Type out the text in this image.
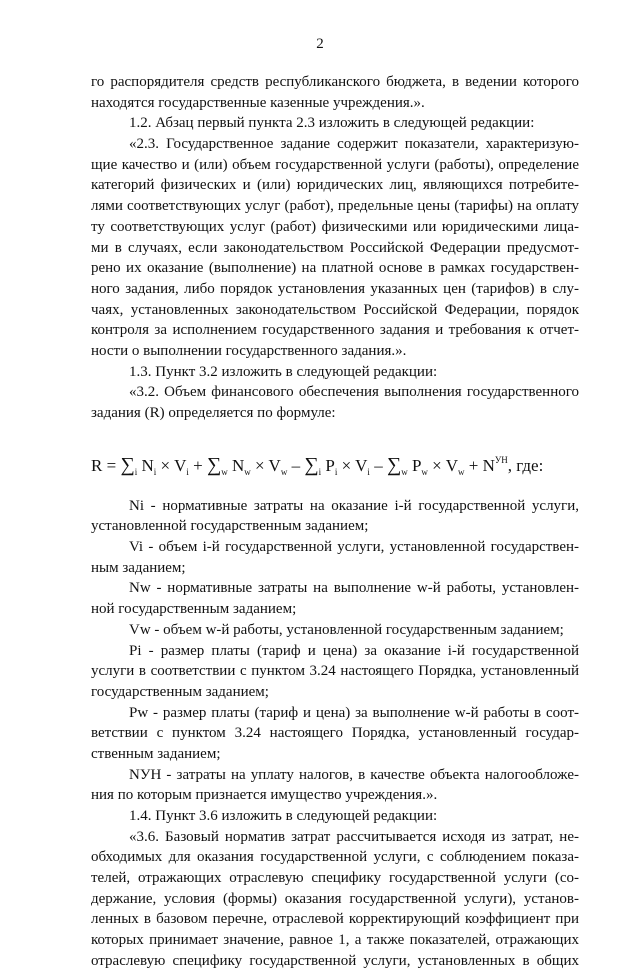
2
го распорядителя средств республиканского бюджета, в ведении которого
находятся государственные казенные учреждения.».
1.2. Абзац первый пункта 2.3 изложить в следующей редакции:
«2.3. Государственное задание содержит показатели, характеризую-
щие качество и (или) объем государственной услуги (работы), определение
категорий физических и (или) юридических лиц, являющихся потребите-
лями соответствующих услуг (работ), предельные цены (тарифы) на оплату
ту соответствующих услуг (работ) физическими или юридическими лица-
ми в случаях, если законодательством Российской Федерации предусмот-
рено их оказание (выполнение) на платной основе в рамках государствен-
ного задания, либо порядок установления указанных цен (тарифов) в слу-
чаях, установленных законодательством Российской Федерации, порядок
контроля за исполнением государственного задания и требования к отчет-
ности о выполнении государственного задания.».
1.3. Пункт 3.2 изложить в следующей редакции:
«3.2. Объем финансового обеспечения выполнения государственного
задания (R) определяется по формуле:
$R = \sum_i$ $N_i \times V_i + \sum_w$ $N_w \times V_w - \sum_i$ $P_i \times V_i - \sum_w$ $P_w \times V_w + N^{УН}$, где:
Ni - нормативные затраты на оказание i-й государственной услуги,
установленной государственным заданием;
Vi - объем i-й государственной услуги, установленной государствен-
ным заданием;
Nw - нормативные затраты на выполнение w-й работы, установлен-
ной государственным заданием;
Vw - объем w-й работы, установленной государственным заданием;
Pi - размер платы (тариф и цена) за оказание i-й государственной
услуги в соответствии с пунктом 3.24 настоящего Порядка, установленный
государственным заданием;
Pw - размер платы (тариф и цена) за выполнение w-й работы в соот-
ветствии с пунктом 3.24 настоящего Порядка, установленный государ-
ственным заданием;
NУН - затраты на уплату налогов, в качестве объекта налогообложе-
ния по которым признается имущество учреждения.».
1.4. Пункт 3.6 изложить в следующей редакции:
«3.6. Базовый норматив затрат рассчитывается исходя из затрат, не-
обходимых для оказания государственной услуги, с соблюдением показа-
телей, отражающих отраслевую специфику государственной услуги (со-
держание, условия (формы) оказания государственной услуги), установ-
ленных в базовом перечне, отраслевой корректирующий коэффициент при
которых принимает значение, равное 1, а также показателей, отражающих
отраслевую специфику государственной услуги, установленных в общих
